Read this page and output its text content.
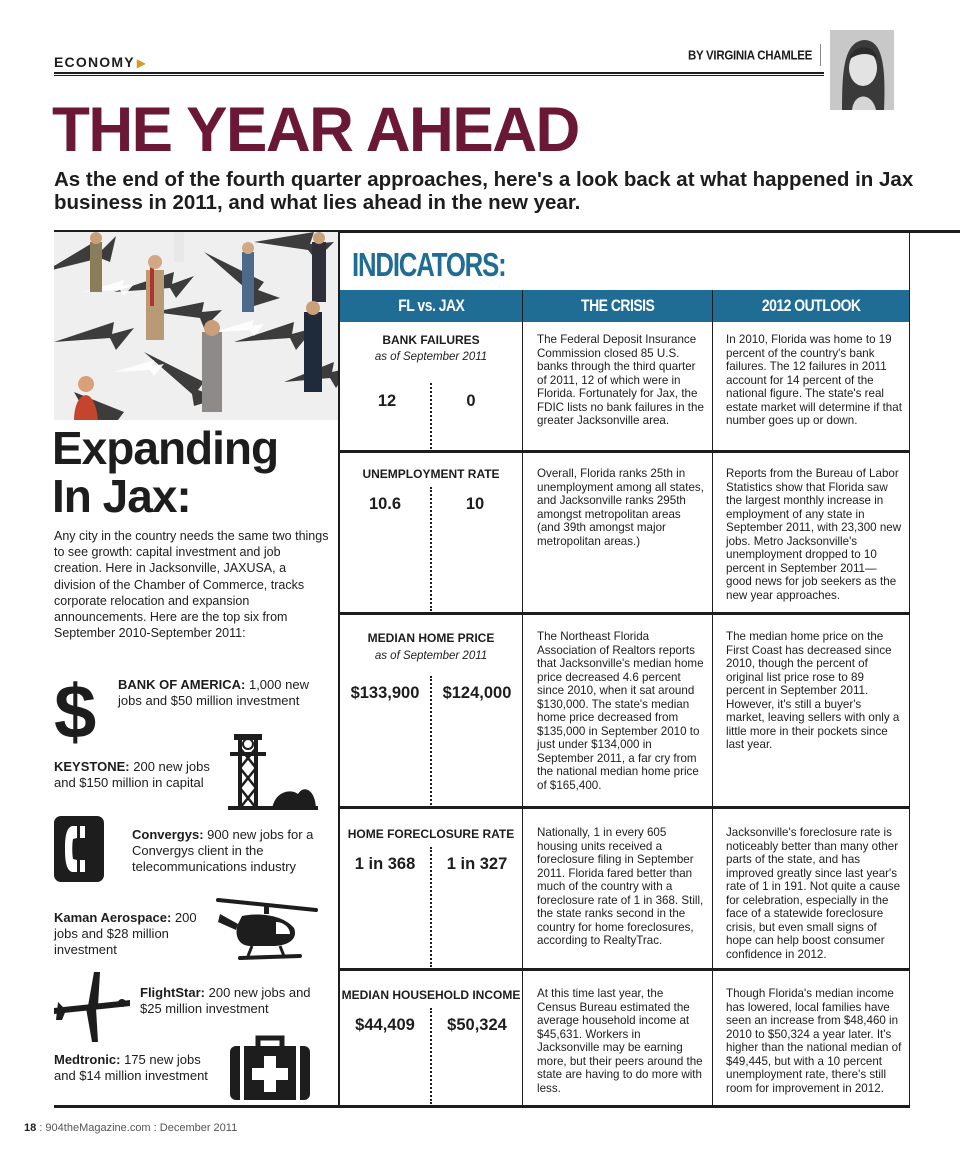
ECONOMY ▶
BY VIRGINIA CHAMLEE
THE YEAR AHEAD
As the end of the fourth quarter approaches, here's a look back at what happened in Jax business in 2011, and what lies ahead in the new year.
Expanding
In Jax:
Any city in the country needs the same two things to see growth: capital investment and job creation. Here in Jacksonville, JAXUSA, a division of the Chamber of Commerce, tracks corporate relocation and expansion announcements. Here are the top six from September 2010-September 2011:
$ BANK OF AMERICA: 1,000 new jobs and $50 million investment
KEYSTONE: 200 new jobs and $150 million in capital
Convergys: 900 new jobs for a Convergys client in the telecommunications industry
Kaman Aerospace: 200 jobs and $28 million investment
FlightStar: 200 new jobs and $25 million investment
Medtronic: 175 new jobs and $14 million investment
INDICATORS:
FL vs. JAX	THE CRISIS	2012 OUTLOOK
BANK FAILURES
as of September 2011
12	0
The Federal Deposit Insurance Commission closed 85 U.S. banks through the third quarter of 2011, 12 of which were in Florida. Fortunately for Jax, the FDIC lists no bank failures in the greater Jacksonville area.
In 2010, Florida was home to 19 percent of the country's bank failures. The 12 failures in 2011 account for 14 percent of the national figure. The state's real estate market will determine if that number goes up or down.
UNEMPLOYMENT RATE
10.6	10
Overall, Florida ranks 25th in unemployment among all states, and Jacksonville ranks 295th amongst metropolitan areas (and 39th amongst major metropolitan areas.)
Reports from the Bureau of Labor Statistics show that Florida saw the largest monthly increase in employment of any state in September 2011, with 23,300 new jobs. Metro Jacksonville's unemployment dropped to 10 percent in September 2011—good news for job seekers as the new year approaches.
MEDIAN HOME PRICE
as of September 2011
$133,900	$124,000
The Northeast Florida Association of Realtors reports that Jacksonville's median home price decreased 4.6 percent since 2010, when it sat around $130,000. The state's median home price decreased from $135,000 in September 2010 to just under $134,000 in September 2011, a far cry from the national median home price of $165,400.
The median home price on the First Coast has decreased since 2010, though the percent of original list price rose to 89 percent in September 2011. However, it's still a buyer's market, leaving sellers with only a little more in their pockets since last year.
HOME FORECLOSURE RATE
1 in 368	1 in 327
Nationally, 1 in every 605 housing units received a foreclosure filing in September 2011. Florida fared better than much of the country with a foreclosure rate of 1 in 368. Still, the state ranks second in the country for home foreclosures, according to RealtyTrac.
Jacksonville's foreclosure rate is noticeably better than many other parts of the state, and has improved greatly since last year's rate of 1 in 191. Not quite a cause for celebration, especially in the face of a statewide foreclosure crisis, but even small signs of hope can help boost consumer confidence in 2012.
MEDIAN HOUSEHOLD INCOME
$44,409	$50,324
At this time last year, the Census Bureau estimated the average household income at $45,631. Workers in Jacksonville may be earning more, but their peers around the state are having to do more with less.
Though Florida's median income has lowered, local families have seen an increase from $48,460 in 2010 to $50,324 a year later. It's higher than the national median of $49,445, but with a 10 percent unemployment rate, there's still room for improvement in 2012.
18 : 904theMagazine.com : December 2011
